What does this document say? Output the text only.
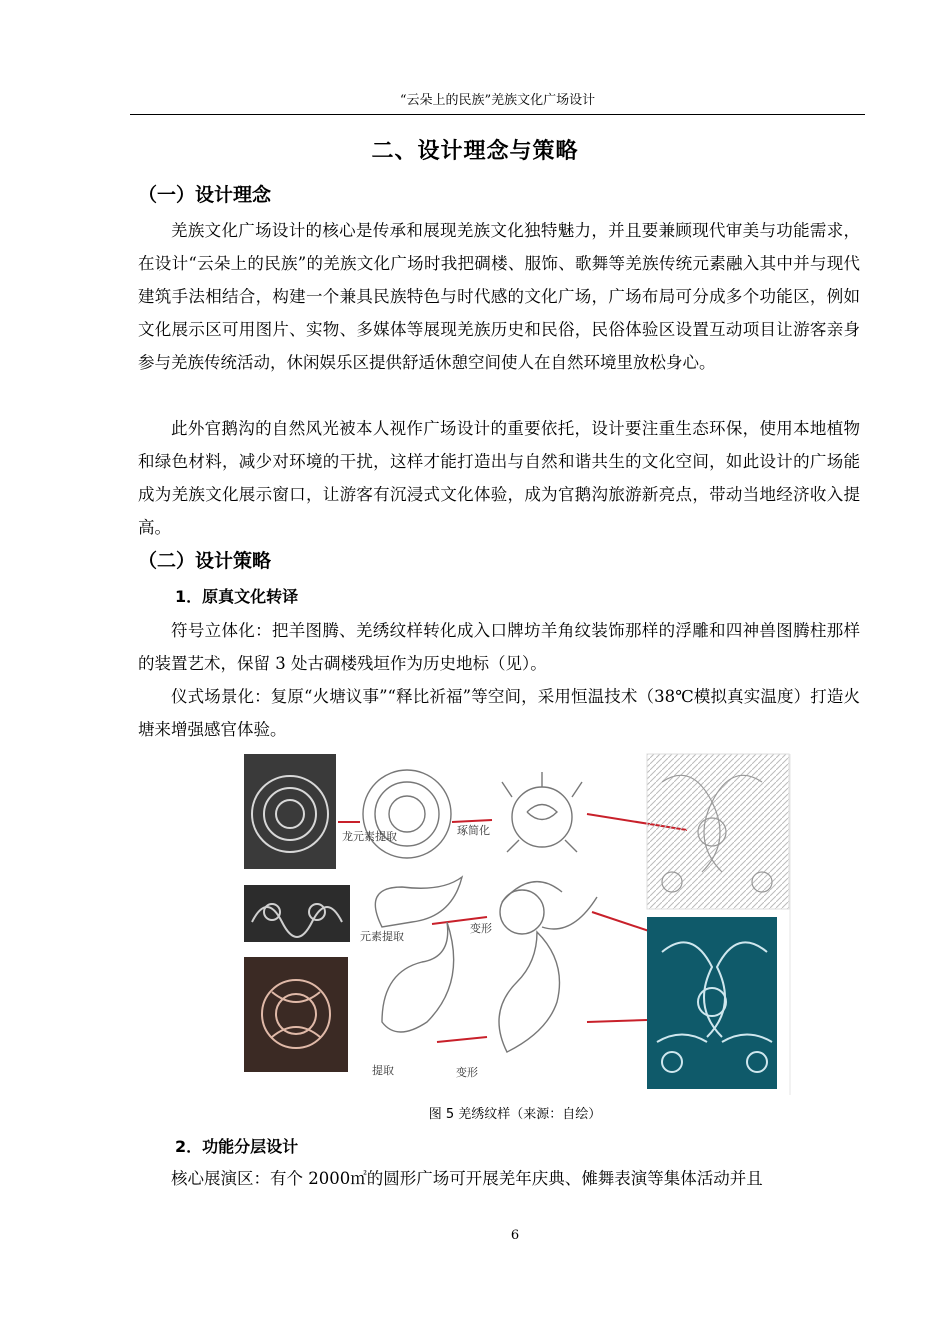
“云朵上的民族”羌族文化广场设计
二、设计理念与策略
（一）设计理念

羌族文化广场设计的核心是传承和展现羌族文化独特魅力，并且要兼顾现代审美与功能需求，在设计“云朵上的民族”的羌族文化广场时我把碉楼、服饰、歌舞等羌族传统元素融入其中并与现代建筑手法相结合，构建一个兼具民族特色与时代感的文化广场，广场布局可分成多个功能区，例如文化展示区可用图片、实物、多媒体等展现羌族历史和民俗，民俗体验区设置互动项目让游客亲身参与羌族传统活动，休闲娱乐区提供舒适休憩空间使人在自然环境里放松身心。

此外官鹅沟的自然风光被本人视作广场设计的重要依托，设计要注重生态环保，使用本地植物和绿色材料，减少对环境的干扰，这样才能打造出与自然和谐共生的文化空间，如此设计的广场能成为羌族文化展示窗口，让游客有沉浸式文化体验，成为官鹅沟旅游新亮点，带动当地经济收入提高。

（二）设计策略
1．原真文化转译

符号立体化：把羊图腾、羌绣纹样转化成入口牌坊羊角纹装饰那样的浮雕和四神兽图腾柱那样的装置艺术，保留 3 处古碉楼残垣作为历史地标（见）。

仪式场景化：复原“火塘议事”“释比祈福”等空间，采用恒温技术（38℃模拟真实温度）打造火塘来增强感官体验。

龙元素提取	琢简化
元素提取
变形
提取	变形
图 5 羌绣纹样（来源：自绘）
2．功能分层设计

核心展演区：有个 2000㎡的圆形广场可开展羌年庆典、傩舞表演等集体活动并且

6
